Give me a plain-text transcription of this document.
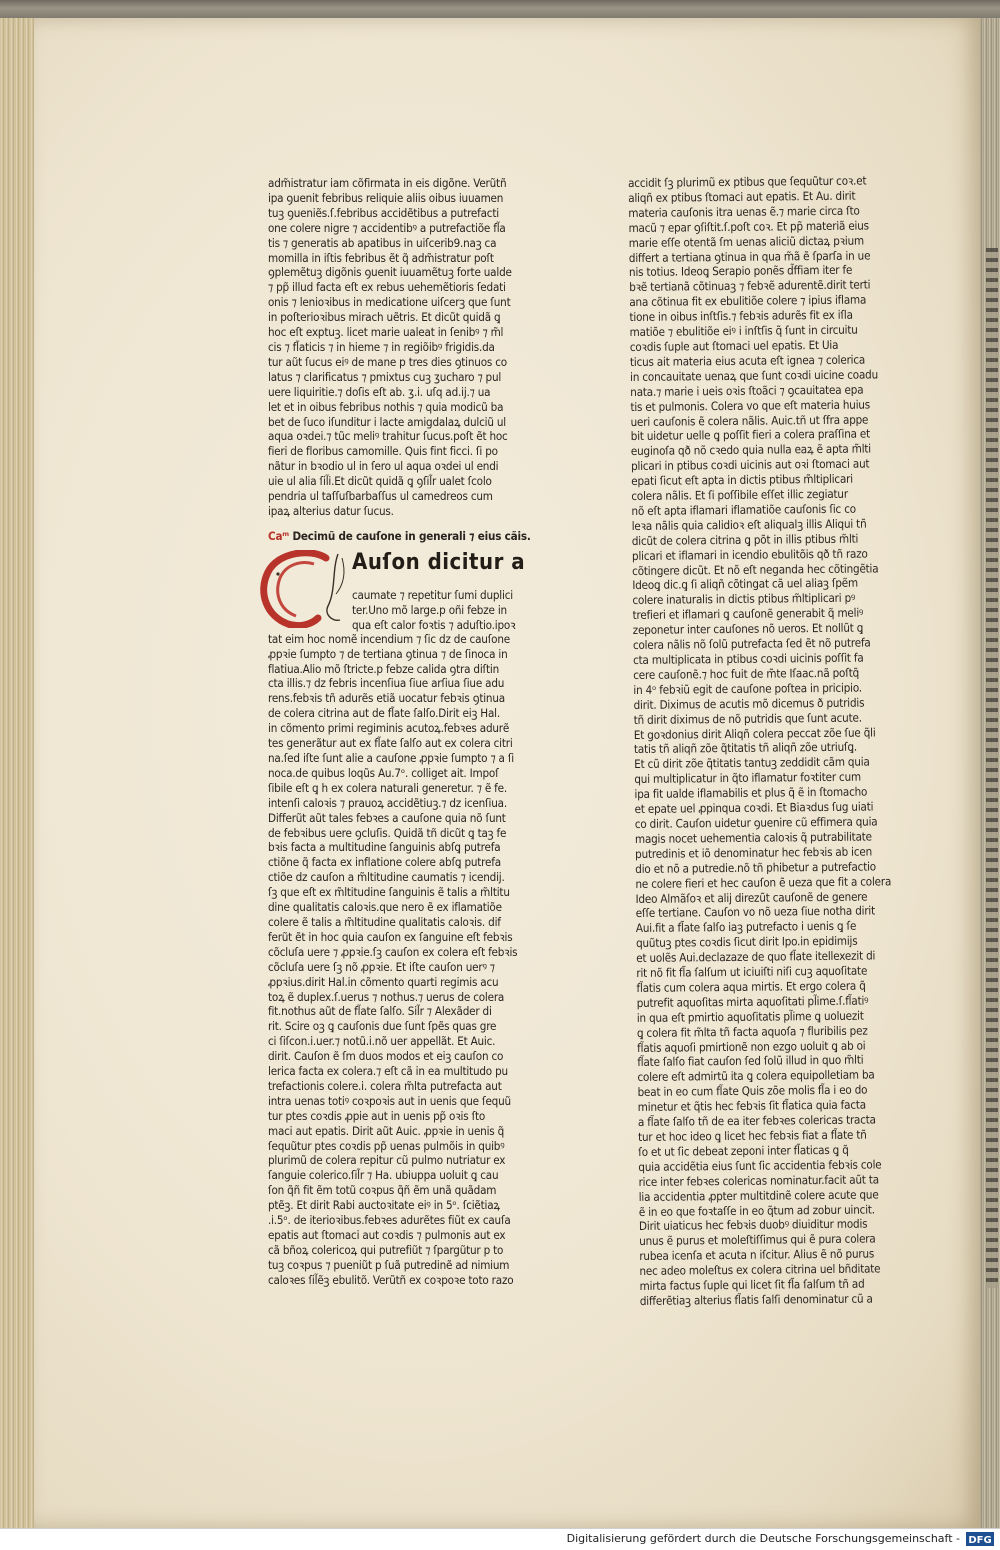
adm̃istratur iam cõfirmata in eis digõne. Verũtñ

ipa ꝯuenit febribus reliquie aliis oibus iuuamen

tuꝫ ꝯueniẽs.ſ.febribus accidẽtibus a putrefacti

one colere nigre ⁊ accidentibꝰ a putrefactiõe fl̃a

tis ⁊ generatis ab apatibus in uiſcerib9.naꝫ ca

momilla in iſtis febribus ẽt q̃ adm̃istratur poſt

ꝯplemẽtuꝫ digõnis ꝯuenit iuuamẽtuꝫ forte ualde

⁊ pp̃ illud facta eſt ex rebus uehemẽtioris ſedati

onis ⁊ lenioꝛibus in medicatione uiſcerꝫ que ſunt

in poſterioꝛibus mirach uẽtris. Et dicũt quidã q̧

hoc eſt exptuꝫ. licet marie ualeat in ſenibꝰ ⁊ m̃l

cis ⁊ fl̃aticis ⁊ in hieme ⁊ in regiõibꝰ frigidis.da

tur aũt ſucus eiꝰ de mane p tres dies ꝯtinuos co

latus ⁊ clarificatus ⁊ pmixtus cuꝫ ʒucharo ⁊ pul

uere liquiritie.⁊ doſis eſt ab. ʒ.i. uſq ad.ij.⁊ ua

let et in oibus febribus nothis ⁊ quia modicũ ba

bet de ſuco iſunditur i lacte amigdalaꝝ dulciũ ul

aqua oꝛdei.⁊ tũc meliꝰ trahitur ſucus.poſt ẽt hoc

fieri de floribus camomille. Quis fint ficci. ſi po

nãtur in bꝛodio ul in ſero ul aqua oꝛdei ul endi

uie ul alia ſil̃i.Et dicũt quidã q̧ ꝯſil̃r ualet ſcolo

pendria ul taſſuſbarbaſſus ul camedreos cum

ipaꝝ alterius datur ſucus.

Caᵐ Decimũ de cauſone in generali ⁊ eius cãis.

Auſon dicitur a

caumate ⁊ repetitur ſumi duplici

ter.Uno mõ large.p oñi febze in

qua eſt calor foꝛtis ⁊ aduſtio.ipoꝛ

tat eim hoc nomẽ incendium ⁊ ſic dz de cauſone

ꝓpꝛie ſumpto ⁊ de tertiana ꝯtinua ⁊ de ſinoca in

flatiua.Alio mõ ſtricte.p febze calida ꝯtra diſtin

cta illis.⁊ dz febris incenſiua ſiue arſiua ſiue adu

rens.febꝛis tñ adurẽs etiã uocatur febꝛis ꝯtinua

de colera citrina aut de fl̃ate ſalſo.Dirit eiꝫ Hal.

in cõmento primi regiminis acutoꝝ.febꝛes adurẽ

tes generãtur aut ex fl̃ate ſalſo aut ex colera citri

na.ſed iſte ſunt alie a cauſone ꝓpꝛie ſumpto ⁊ a ſi

noca.de quibus loqũs Au.7ᵒ. colliget ait. Impoſ

ſibile eſt q̧ h ex colera naturali generetur. ⁊ ẽ fe.

intenſi caloꝛis ⁊ prauoꝝ accidẽtiuꝫ.⁊ dz icenſiua.

Differũt aũt tales febꝛes a cauſone quia nõ ſunt

de febꝛibus uere ꝯcluſis. Quidã tñ dicũt q̧ taꝫ fe

bꝛis facta a multitudine ſanguinis abſq̧ putrefa

ctiõne q̃ facta ex inflatione colere abſq̧ putrefa

ctiõe dz cauſon a m̃ltitudine caumatis ⁊ icendij.

ſꝫ que eſt ex m̃ltitudine ſanguinis ẽ talis a m̃ltitu

dine qualitatis caloꝛis.que nero ẽ ex iflamatiõe

colere ẽ talis a m̃ltitudine qualitatis caloꝛis. dif

ferũt ẽt in hoc quia cauſon ex ſanguine eſt febꝛis

cõcluſa uere ⁊ ꝓpꝛie.ſꝫ cauſon ex colera eſt febꝛis

cõcluſa uere ſꝫ nõ ꝓpꝛie. Et iſte cauſon uerꝰ ⁊

ꝓpꝛius.dirit Hal.in cõmento quarti regimis acu

toꝝ ẽ duplex.ſ.uerus ⁊ nothus.⁊ uerus de colera

fit.nothus aũt de fl̃ate ſalſo. Sil̃r ⁊ Alexãder di

rit. Scire oꝫ q̧ cauſonis due ſunt ſpẽs quas gre

ci ſiſcon.i.uer.⁊ notũ.i.nõ uer appellãt. Et Auic.

dirit. Cauſon ẽ ſm duos modos et eiꝫ cauſon co

lerica facta ex colera.⁊ eſt cã in ea multitudo pu

trefactionis colere.i. colera m̃lta putrefacta aut

intra uenas totiꝰ coꝛpoꝛis aut in uenis que ſequũ

tur ptes coꝛdis ꝓpie aut in uenis pp̃ oꝛis ſto

maci aut epatis. Dirit aũt Auic. ꝓpꝛie in uenis q̃

ſequũtur ptes coꝛdis pp̃ uenas pulmõis in quibꝰ

plurimũ de colera repitur cũ pulmo nutriatur ex

ſanguie colerico.ſil̃r ⁊ Ha. ubiuppa uoluit q̧ cau

ſon q̃ñ fit ẽm totũ coꝛpus q̃ñ ẽm unã quãdam

ptẽꝫ. Et dirit Rabi auctoꝛitate eiꝰ in 5ᵒ. ſciẽtiaꝝ

.i.5ᵒ. de iterioꝛibus.febꝛes adurẽtes fiũt ex cauſa

epatis aut ſtomaci aut coꝛdis ⁊ pulmonis aut ex

cã bñoꝝ colericoꝝ qui putrefiũt ⁊ ſpargũtur p to

tuꝫ coꝛpus ⁊ pueniũt p ſuã putredinẽ ad nimium

caloꝛes ſil̃ẽꝫ ebulitõ. Verũtñ ex coꝛpoꝛe toto razo

accidit ſꝫ plurimũ ex ptibus que ſequũtur coꝛ.et

aliqñ ex ptibus ſtomaci aut epatis. Et Au. dirit

materia cauſonis itra uenas ẽ.⁊ marie circa ſto

macũ ⁊ epar ꝯſiſtit.ſ.poſt coꝛ. Et pp̃ materiã eius

marie eſſe otentã ſm uenas aliciũ dictaꝝ pꝛium

differt a tertiana ꝯtinua in qua m̃ã ẽ ſparſa in ue

nis totius. Ideoq̧ Serapio ponẽs d̃ffiam iter fe

bꝛẽ tertianã cõtinuaꝫ ⁊ febꝛẽ adurentẽ.dirit terti

ana cõtinua fit ex ebulitiõe colere ⁊ ipius iflama

tione in oibus inſtſis.⁊ febꝛis adurẽs fit ex iſla

matiõe ⁊ ebulitiõe eiꝰ i inſtſis q̃ ſunt in circuitu

coꝛdis ſuple aut ſtomaci uel epatis. Et Uia

ticus ait materia eius acuta eſt ignea ⁊ colerica

in concauitate uenaꝝ que ſunt coꝛdi uicine coadu

nata.⁊ marie i ueis oꝛis ſtoãci ⁊ ꝯcauitatea epa

tis et pulmonis. Colera vo que eſt materia huius

ueri cauſonis ẽ colera nãlis. Auic.tñ ut ſfra appe

bit uidetur uelle q̧ poſſit fieri a colera praſſina et

euginoſa qð nõ cꝛedo quia nulla eaꝝ ẽ apta m̃lti

plicari in ptibus coꝛdi uicinis aut oꝛi ſtomaci aut

epati ſicut eſt apta in dictis ptibus m̃ltiplicari

colera nãlis. Et ſi poſſibile eſſet illic zegiatur

nõ eſt apta iflamari iflamatiõe cauſonis ſic co

leꝛa nãlis quia calidioꝛ eſt aliqualꝫ illis Aliqui tñ

dicũt de colera citrina q̧ põt in illis ptibus m̃lti

plicari et iflamari in icendio ebulitõis qð tñ razo

cõtingere dicũt. Et nõ eſt neganda hec cõtingẽtia

Ideoq̧ dic.q̧ ſi aliqñ cõtingat cã uel aliaꝫ ſpẽm

colere inaturalis in dictis ptibus m̃ltiplicari pꝰ

trefieri et iflamari q̧ cauſonẽ generabit q̃ meliꝰ

zeponetur inter cauſones nõ ueros. Et nollũt q̧

colera nãlis nõ ſolũ putrefacta ſed ẽt nõ putrefa

cta multiplicata in ptibus coꝛdi uicinis poſſit fa

cere cauſonẽ.⁊ hoc fuit de m̃te Iſaac.nã poſtq̃

in 4ᵒ febꝛiũ egit de cauſone poſtea in pricipio.

dirit. Diximus de acutis mõ dicemus ð putridis

tñ dirit diximus de nõ putridis que ſunt acute.

Et goꝛdonius dirit Aliqñ colera peccat zõe ſue q̃li

tatis tñ aliqñ zõe q̃titatis tñ aliqñ zõe utriuſq̧.

Et cũ dirit zõe q̃titatis tantuꝫ zeddidit cãm quia

qui multiplicatur in q̃to iflamatur foꝛtiter cum

ipa fit ualde iflamabilis et plus q̃ ẽ in ſtomacho

et epate uel ꝓpinqua coꝛdi. Et Biaꝛdus ſug uiati

co dirit. Cauſon uidetur ꝯuenire cũ effimera quia

magis nocet uehementia caloꝛis q̃ putrabilitate

putredinis et iõ denominatur hec febꝛis ab icen

dio et nõ a putredie.nõ tñ phibetur a putrefactio

ne colere fieri et hec cauſon ẽ ueza que fit a colera

Ideo Almãſoꝛ et alij direzũt cauſonẽ de genere

eſſe tertiane. Cauſon vo nõ ueza ſiue notha dirit

Aui.fit a fl̃ate ſalſo iaꝫ putrefacto i uenis q̧ ſe

quũtuꝫ ptes coꝛdis ſicut dirit Ipo.in epidimijs

et uolẽs Aui.declazaze de quo fl̃ate itellexezit di

rit nõ fit fl̃a ſalſum ut iciuiſti niſi cuꝫ aquoſitate

fl̃atis cum colera aqua mirtis. Et ergo colera q̃

putrefit aquoſitas mirta aquoſitati pl̃ime.ſ.fl̃atiꝰ

in qua eſt pmirtio aquoſitatis pl̃ime q̧ uoluezit

q̧ colera fit m̃lta tñ facta aquoſa ⁊ fluribilis pez

fl̃atis aquoſi pmirtionẽ non ezgo uoluit q̧ ab oi

fl̃ate ſalſo fiat cauſon ſed ſolũ illud in quo m̃lti

colere eſt admirtũ ita q̧ colera equipolletiam ba

beat in eo cum fl̃ate Quis zõe molis fl̃a i eo do

minetur et q̃tis hec febꝛis ſit fl̃atica quia facta

a fl̃ate ſalſo tñ de ea iter febꝛes colericas tracta

tur et hoc ideo q̧ licet hec febꝛis fiat a fl̃ate tñ

ſo et ut ſic debeat zeponi inter fl̃aticas q̧ q̃

quia accidẽtia eius ſunt ſic accidentia febꝛis cole

rice inter febꝛes colericas nominatur.facit aũt ta

lia accidentia ꝓpter multitdinẽ colere acute que

ẽ in eo que foꝛtaſſe in eo q̃tum ad zobur uincit.

Dirit uiaticus hec febꝛis duobꝰ diuiditur modis

unus ẽ purus et moleſtiſſimus qui ẽ pura colera

rubea icenſa et acuta n iſcitur. Alius ẽ nõ purus

nec adeo moleſtus ex colera citrina uel bñditate

mirta factus ſuple qui licet ſit fl̃a ſalſum tñ ad

differẽtiaꝫ alterius fl̃atis ſalſi denominatur cũ a

Digitalisierung gefördert durch die Deutsche Forschungsgemeinschaft - DFG
